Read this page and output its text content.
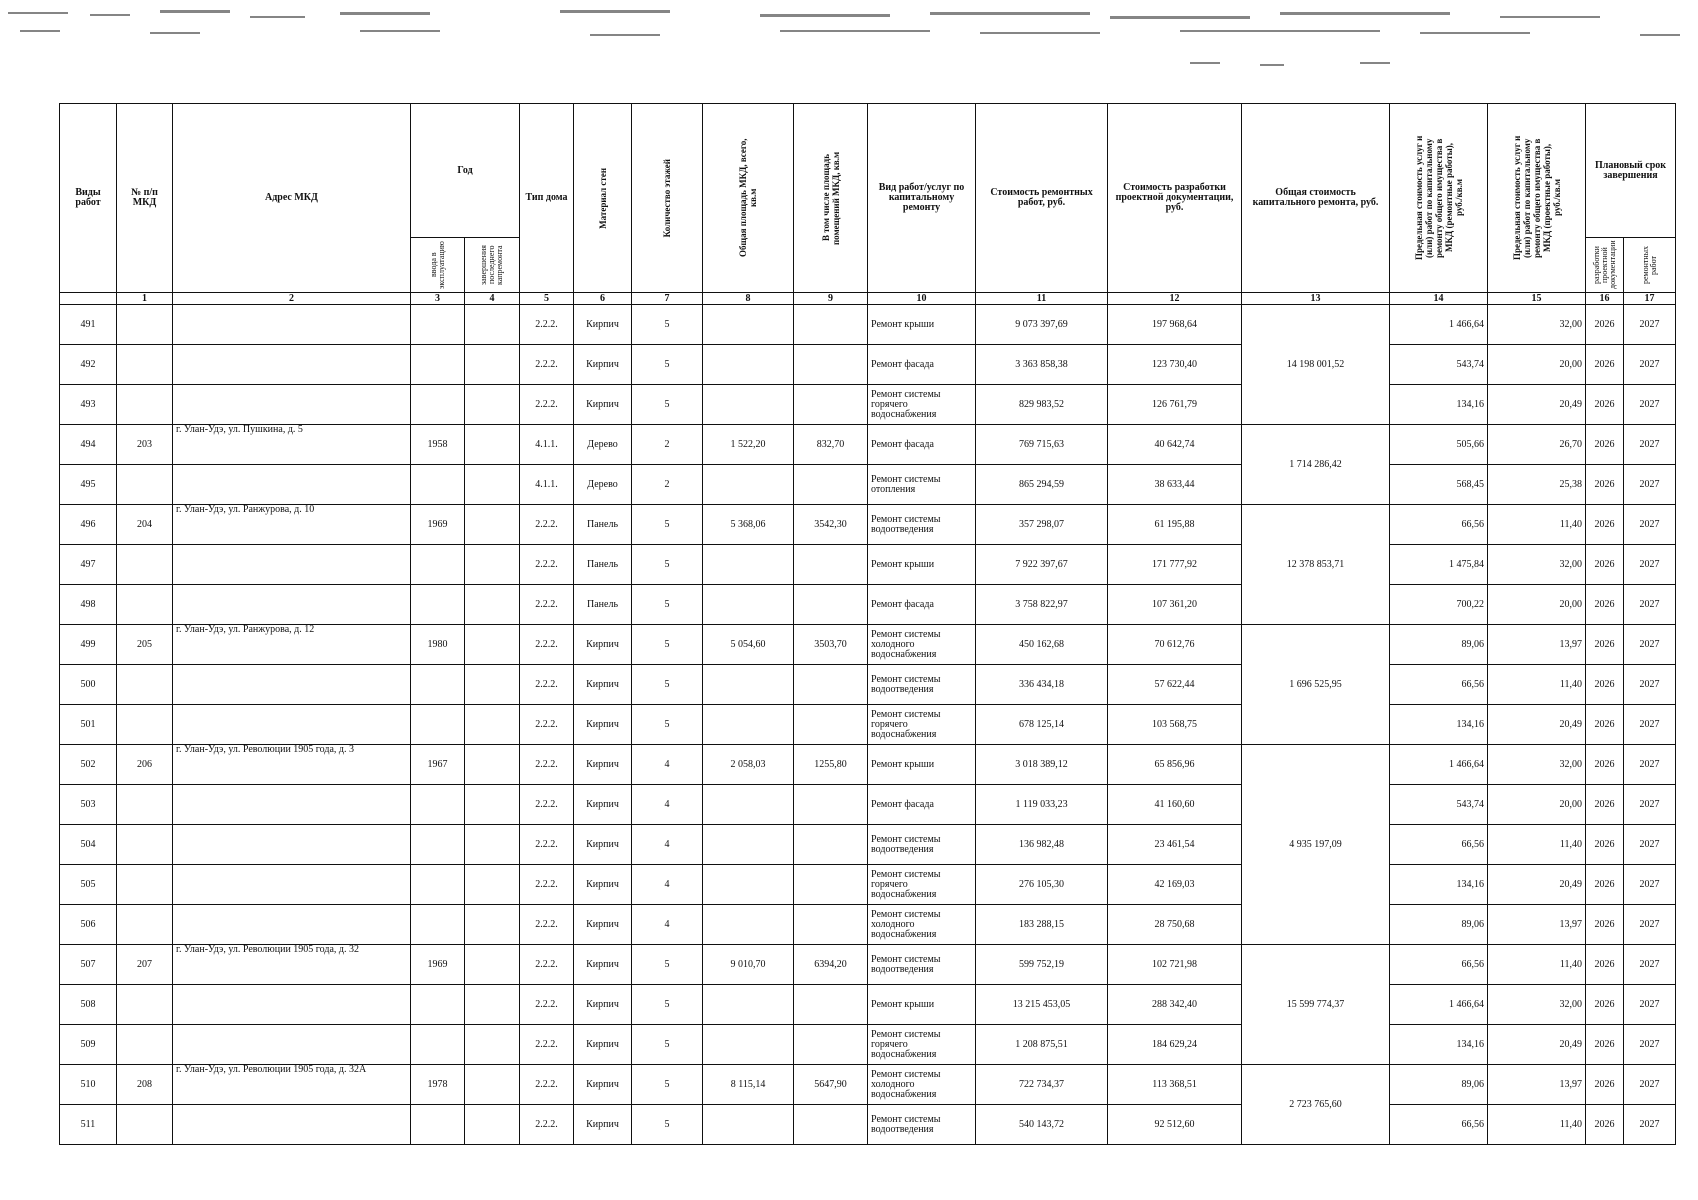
Виды работ	№ п/п МКД	Адрес МКД	Год		Тип дома	Материал стен	Количество этажей	Общая площадь МКД, всего, кв.м	В том числе площадь помещений МКД, кв.м	Вид работ/услуг по капитальному ремонту	Стоимость ремонтных работ, руб.	Стоимость разработки проектной документации, руб.	Общая стоимость капитального ремонта, руб.	Предельная стоимость услуг и (или) работ по капитальному ремонту общего имущества в МКД (ремонтные работы), руб./кв.м	Предельная стоимость услуг и (или) работ по капитальному ремонту общего имущества в МКД (проектные работы), руб./кв.м	Плановый срок завершения	

			ввода в эксплуатацию	завершения последнего капремонта												разработки проектной документации	ремонтных работ

	1	2	3	4	5	6	7	8	9	10	11	12	13	14	15	16	17
491					2.2.2.	Кирпич	5			Ремонт крыши	9 073 397,69	197 968,64	14 198 001,52	1 466,64	32,00	2026	2027
492					2.2.2.	Кирпич	5			Ремонт фасада	3 363 858,38	123 730,40		543,74	20,00	2026	2027
493					2.2.2.	Кирпич	5			Ремонт системы горячего водоснабжения	829 983,52	126 761,79		134,16	20,49	2026	2027
494	203	г. Улан-Удэ, ул. Пушкина, д. 5	1958		4.1.1.	Дерево	2	1 522,20	832,70	Ремонт фасада	769 715,63	40 642,74	1 714 286,42	505,66	26,70	2026	2027
495					4.1.1.	Дерево	2			Ремонт системы отопления	865 294,59	38 633,44		568,45	25,38	2026	2027
496	204	г. Улан-Удэ, ул. Ранжурова, д. 10	1969		2.2.2.	Панель	5	5 368,06	3542,30	Ремонт системы водоотведения	357 298,07	61 195,88	12 378 853,71	66,56	11,40	2026	2027
497					2.2.2.	Панель	5			Ремонт крыши	7 922 397,67	171 777,92		1 475,84	32,00	2026	2027
498					2.2.2.	Панель	5			Ремонт фасада	3 758 822,97	107 361,20		700,22	20,00	2026	2027
499	205	г. Улан-Удэ, ул. Ранжурова, д. 12	1980		2.2.2.	Кирпич	5	5 054,60	3503,70	Ремонт системы холодного водоснабжения	450 162,68	70 612,76	1 696 525,95	89,06	13,97	2026	2027
500					2.2.2.	Кирпич	5			Ремонт системы водоотведения	336 434,18	57 622,44		66,56	11,40	2026	2027
501					2.2.2.	Кирпич	5			Ремонт системы горячего водоснабжения	678 125,14	103 568,75		134,16	20,49	2026	2027
502	206	г. Улан-Удэ, ул. Революции 1905 года, д. 3	1967		2.2.2.	Кирпич	4	2 058,03	1255,80	Ремонт крыши	3 018 389,12	65 856,96	4 935 197,09	1 466,64	32,00	2026	2027
503					2.2.2.	Кирпич	4			Ремонт фасада	1 119 033,23	41 160,60		543,74	20,00	2026	2027
504					2.2.2.	Кирпич	4			Ремонт системы водоотведения	136 982,48	23 461,54		66,56	11,40	2026	2027
505					2.2.2.	Кирпич	4			Ремонт системы горячего водоснабжения	276 105,30	42 169,03		134,16	20,49	2026	2027
506					2.2.2.	Кирпич	4			Ремонт системы холодного водоснабжения	183 288,15	28 750,68		89,06	13,97	2026	2027
507	207	г. Улан-Удэ, ул. Революции 1905 года, д. 32	1969		2.2.2.	Кирпич	5	9 010,70	6394,20	Ремонт системы водоотведения	599 752,19	102 721,98	15 599 774,37	66,56	11,40	2026	2027
508					2.2.2.	Кирпич	5			Ремонт крыши	13 215 453,05	288 342,40		1 466,64	32,00	2026	2027
509					2.2.2.	Кирпич	5			Ремонт системы горячего водоснабжения	1 208 875,51	184 629,24		134,16	20,49	2026	2027
510	208	г. Улан-Удэ, ул. Революции 1905 года, д. 32А	1978		2.2.2.	Кирпич	5	8 115,14	5647,90	Ремонт системы холодного водоснабжения	722 734,37	113 368,51	2 723 765,60	89,06	13,97	2026	2027
511					2.2.2.	Кирпич	5			Ремонт системы водоотведения	540 143,72	92 512,60		66,56	11,40	2026	2027
